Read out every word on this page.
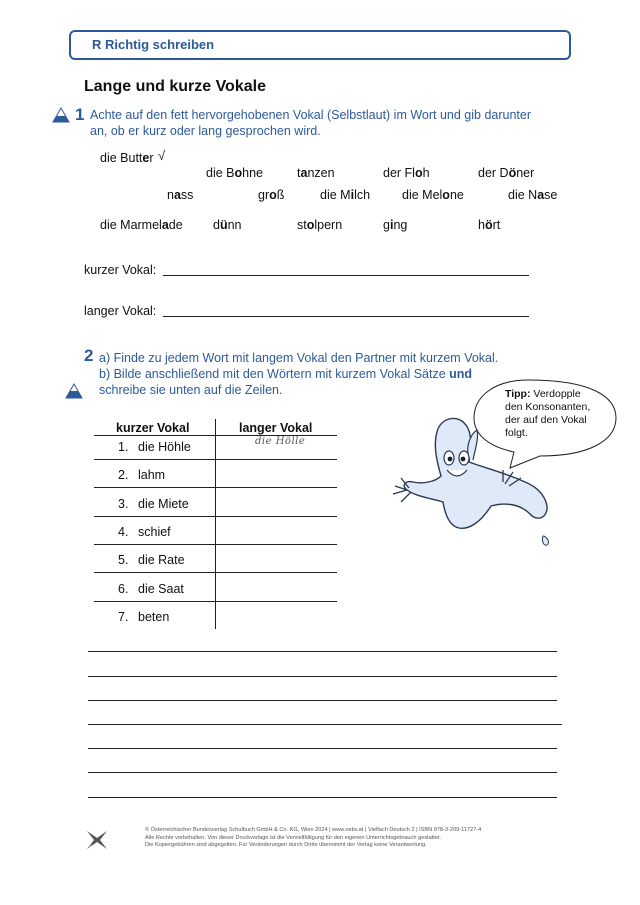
R Richtig schreiben
Lange und kurze Vokale
1 Achte auf den fett hervorgehobenen Vokal (Selbstlaut) im Wort und gib darunter
an, ob er kurz oder lang gesprochen wird.
die Butter √
die Bohne	tanzen	der Floh	der Döner
nass	groß	die Milch	die Melone	die Nase
die Marmelade dünn	stolpern	ging	hört
kurzer Vokal:
langer Vokal:
2 a) Finde zu jedem Wort mit langem Vokal den Partner mit kurzem Vokal.
b) Bilde anschließend mit den Wörtern mit kurzem Vokal Sätze und
schreibe sie unten auf die Zeilen.
kurzer Vokal	langer Vokal
1. die Höhle	die Hölle
2. lahm
3. die Miete
4. schief
5. die Rate
6. die Saat
7. beten
Tipp: Verdopple
den Konsonanten,
der auf den Vokal
folgt.
öbv
© Österreichischer Bundesverlag Schulbuch GmbH & Co. KG, Wien 2024 | www.oebv.at | Vielfach Deutsch 2 | ISBN 978-3-209-11727-4
Alle Rechte vorbehalten. Von dieser Druckvorlage ist die Vervielfältigung für den eigenen Unterrichtsgebrauch gestattet.
Die Kopiergebühren sind abgegolten. Für Veränderungen durch Dritte übernimmt der Verlag keine Verantwortung.
